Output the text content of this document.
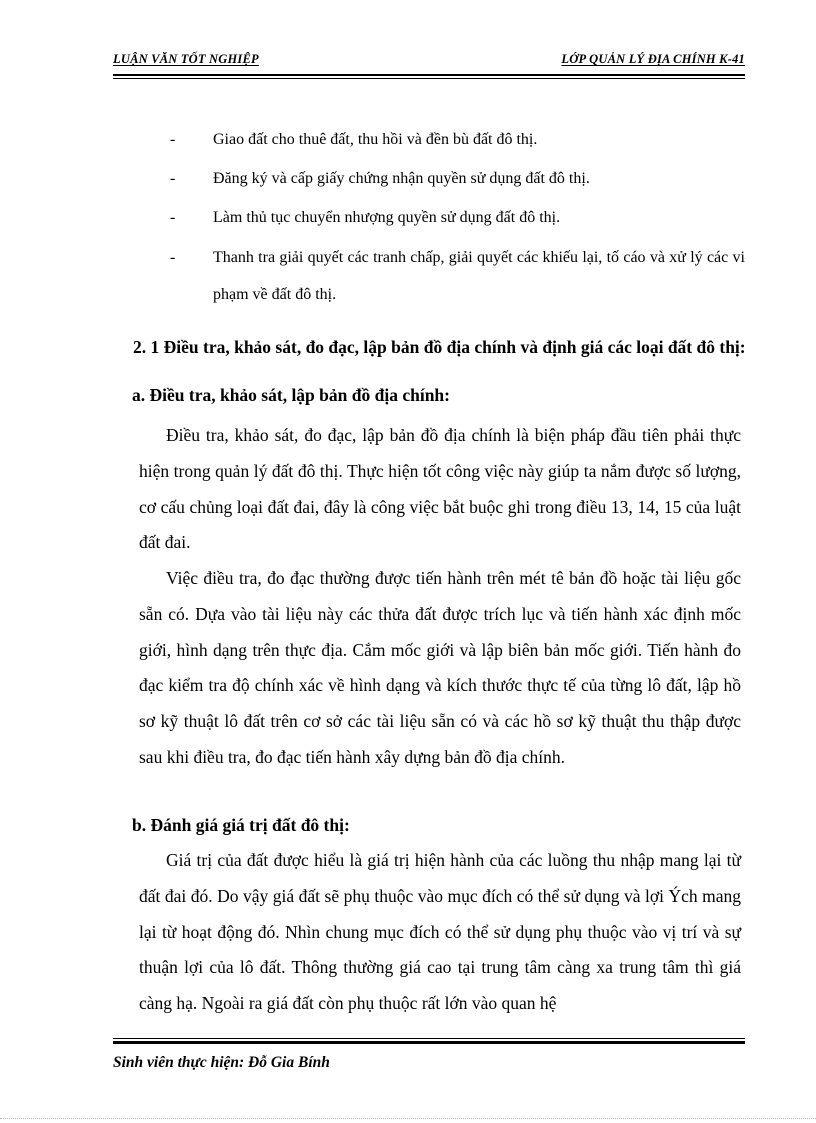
LUẬN VĂN TỐT NGHIỆP	LỚP QUẢN LÝ ĐỊA CHÍNH K-41
- Giao đất cho thuê đất, thu hồi và đền bù đất đô thị.
- Đăng ký và cấp giấy chứng nhận quyền sử dụng đất đô thị.
- Làm thủ tục chuyển nhượng quyền sử dụng đất đô thị.
- Thanh tra giải quyết các tranh chấp, giải quyết các khiếu lại, tố cáo và xử lý các vi phạm về đất đô thị.
2. 1 Điều tra, khảo sát, đo đạc, lập bản đồ địa chính và định giá các loại đất đô thị:
a. Điều tra, khảo sát, lập bản đồ địa chính:
Điều tra, khảo sát, đo đạc, lập bản đồ địa chính là biện pháp đầu tiên phải thực hiện trong quản lý đất đô thị. Thực hiện tốt công việc này giúp ta nắm được số lượng, cơ cấu chủng loại đất đai, đây là công việc bắt buộc ghi trong điều 13, 14, 15 của luật đất đai.
Việc điều tra, đo đạc thường được tiến hành trên mét tê bản đồ hoặc tài liệu gốc sẵn có. Dựa vào tài liệu này các thửa đất được trích lục và tiến hành xác định mốc giới, hình dạng trên thực địa. Cắm mốc giới và lập biên bản mốc giới. Tiến hành đo đạc kiểm tra độ chính xác về hình dạng và kích thước thực tế của từng lô đất, lập hồ sơ kỹ thuật lô đất trên cơ sở các tài liệu sẵn có và các hồ sơ kỹ thuật thu thập được sau khi điều tra, đo đạc tiến hành xây dựng bản đồ địa chính.
b. Đánh giá giá trị đất đô thị:
Giá trị của đất được hiểu là giá trị hiện hành của các luồng thu nhập mang lại từ đất đai đó. Do vậy giá đất sẽ phụ thuộc vào mục đích có thể sử dụng và lợi Ých mang lại từ hoạt động đó. Nhìn chung mục đích có thể sử dụng phụ thuộc vào vị trí và sự thuận lợi của lô đất. Thông thường giá cao tại trung tâm càng xa trung tâm thì giá càng hạ. Ngoài ra giá đất còn phụ thuộc rất lớn vào quan hệ
Sinh viên thực hiện: Đỗ Gia Bính
